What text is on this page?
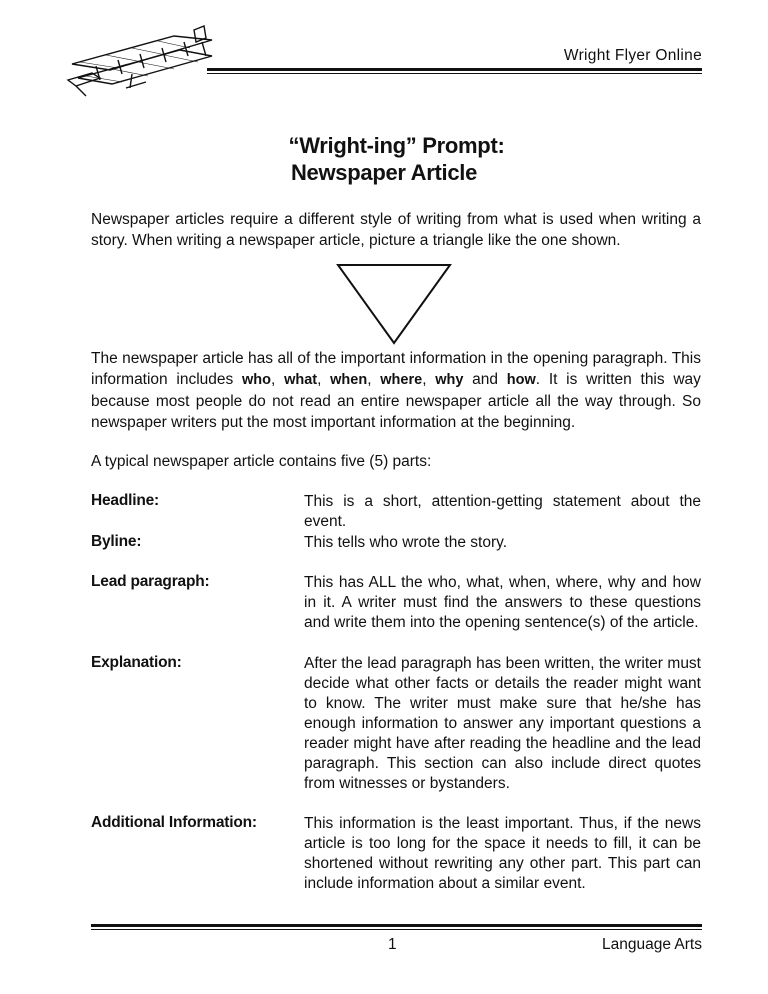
Wright Flyer Online
“Wright-ing” Prompt:
Newspaper Article
Newspaper articles require a different style of writing from what is used when writing a story. When writing a newspaper article, picture a triangle like the one shown.
The newspaper article has all of the important information in the opening paragraph. This information includes who, what, when, where, why and how. It is written this way because most people do not read an entire newspaper article all the way through. So newspaper writers put the most important information at the beginning.
A typical newspaper article contains five (5) parts:
Headline:	This is a short, attention-getting statement about the event.
Byline:	This tells who wrote the story.
Lead paragraph:	This has ALL the who, what, when, where, why and how in it. A writer must find the answers to these questions and write them into the opening sentence(s) of the article.
Explanation:	After the lead paragraph has been written, the writer must decide what other facts or details the reader might want to know. The writer must make sure that he/she has enough information to answer any important questions a reader might have after reading the headline and the lead paragraph. This section can also include direct quotes from witnesses or bystanders.
Additional Information:	This information is the least important. Thus, if the news article is too long for the space it needs to fill, it can be shortened without rewriting any other part. This part can include information about a similar event.
1	Language Arts
